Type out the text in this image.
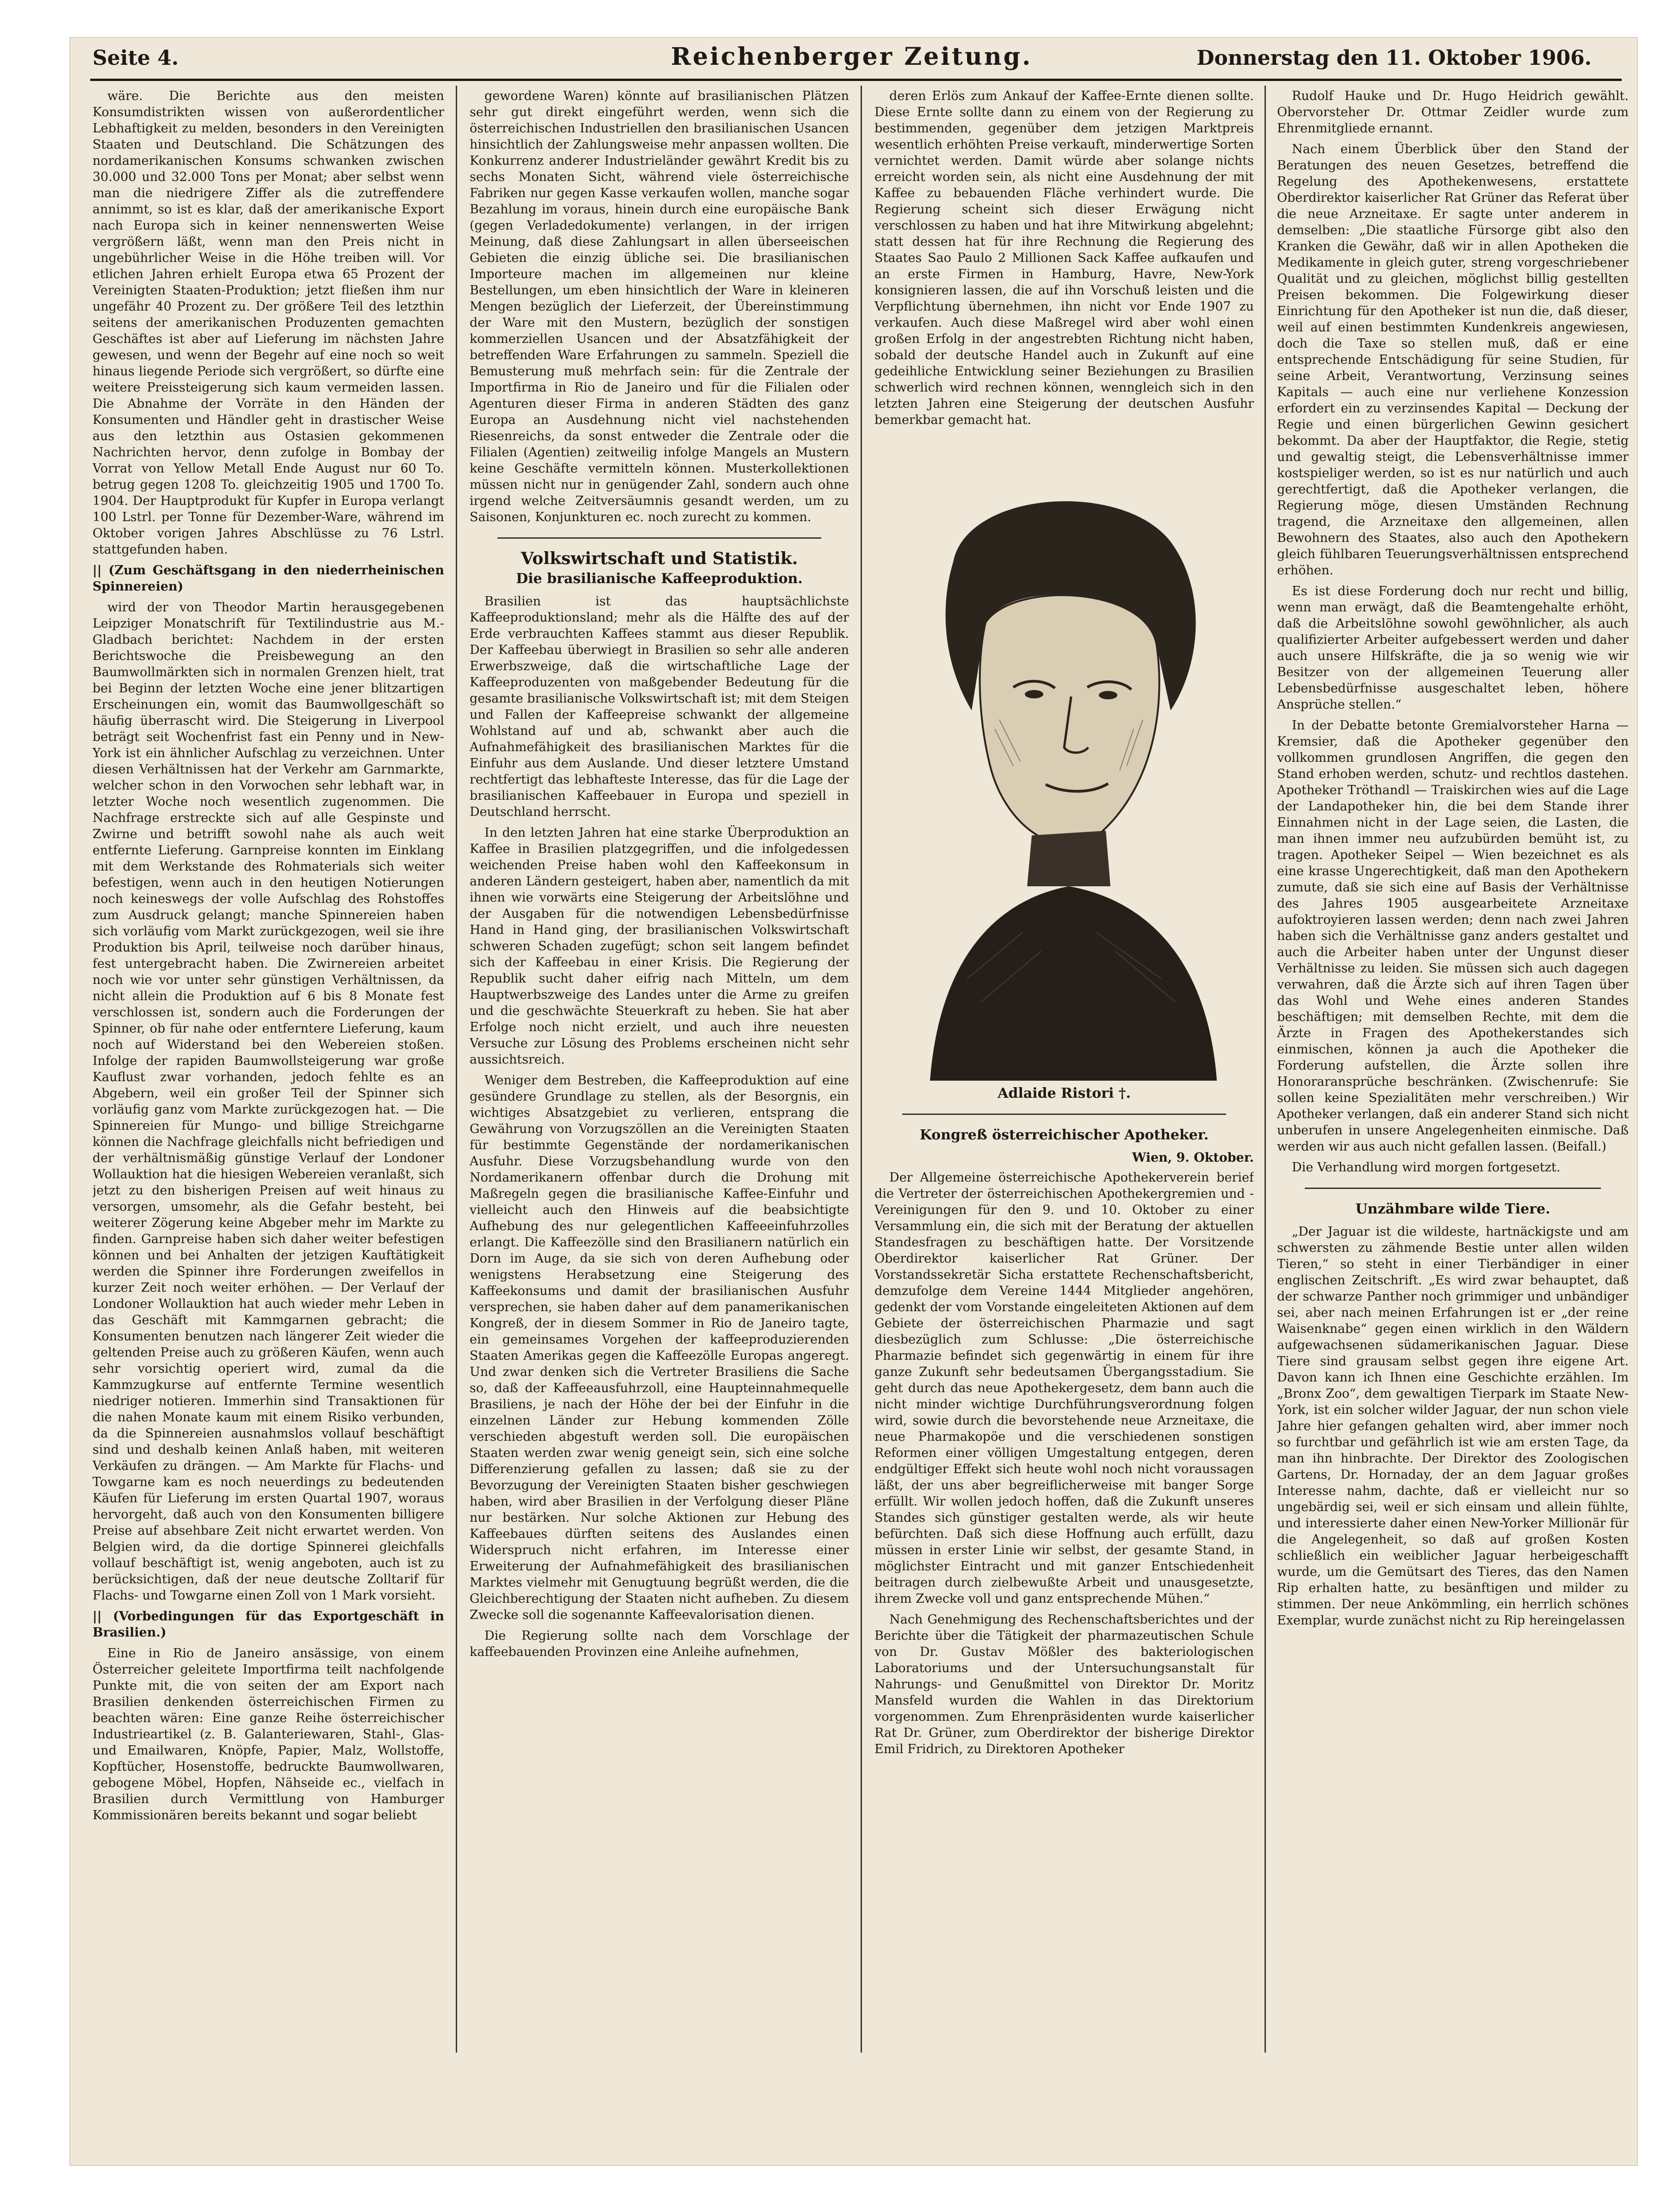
Seite 4.	Reichenberger Zeitung.	Donnerstag den 11. Oktober 1906.

wäre. Die Berichte aus den meisten Konsumdistrikten wissen von außerordentlicher Lebhaftigkeit zu melden, besonders in den Vereinigten Staaten und Deutschland. Die Schätzungen des nordamerikanischen Konsums schwanken zwischen 30.000 und 32.000 Tons per Monat; aber selbst wenn man die niedrigere Ziffer als die zutreffendere annimmt, so ist es klar, daß der amerikanische Export nach Europa sich in keiner nennenswerten Weise vergrößern läßt, wenn man den Preis nicht in ungebührlicher Weise in die Höhe treiben will. Vor etlichen Jahren erhielt Europa etwa 65 Prozent der Vereinigten Staaten-Produktion; jetzt fließen ihm nur ungefähr 40 Prozent zu. Der größere Teil des letzthin seitens der amerikanischen Produzenten gemachten Geschäftes ist aber auf Lieferung im nächsten Jahre gewesen, und wenn der Begehr auf eine noch so weit hinaus liegende Periode sich vergrößert, so dürfte eine weitere Preissteigerung sich kaum vermeiden lassen. Die Abnahme der Vorräte in den Händen der Konsumenten und Händler geht in drastischer Weise aus den letzthin aus Ostasien gekommenen Nachrichten hervor, denn zufolge in Bombay der Vorrat von Yellow Metall Ende August nur 60 To. betrug gegen 1208 To. gleichzeitig 1905 und 1700 To. 1904. Der Hauptprodukt für Kupfer in Europa verlangt 100 Lstrl. per Tonne für Dezember-Ware, während im Oktober vorigen Jahres Abschlüsse zu 76 Lstrl. stattgefunden haben.

|| (Zum Geschäftsgang in den niederrheinischen Spinnereien)

wird der von Theodor Martin herausgegebenen Leipziger Monatschrift für Textilindustrie aus M.-Gladbach berichtet: Nachdem in der ersten Berichtswoche die Preisbewegung an den Baumwollmärkten sich in normalen Grenzen hielt, trat bei Beginn der letzten Woche eine jener blitzartigen Erscheinungen ein, womit das Baumwollgeschäft so häufig überrascht wird. Die Steigerung in Liverpool beträgt seit Wochenfrist fast ein Penny und in New-York ist ein ähnlicher Aufschlag zu verzeichnen. Unter diesen Verhältnissen hat der Verkehr am Garnmarkte, welcher schon in den Vorwochen sehr lebhaft war, in letzter Woche noch wesentlich zugenommen. Die Nachfrage erstreckte sich auf alle Gespinste und Zwirne und betrifft sowohl nahe als auch weit entfernte Lieferung. Garnpreise konnten im Einklang mit dem Werkstande des Rohmaterials sich weiter befestigen, wenn auch in den heutigen Notierungen noch keineswegs der volle Aufschlag des Rohstoffes zum Ausdruck gelangt; manche Spinnereien haben sich vorläufig vom Markt zurückgezogen, weil sie ihre Produktion bis April, teilweise noch darüber hinaus, fest untergebracht haben. Die Zwirnereien arbeitet noch wie vor unter sehr günstigen Verhältnissen, da nicht allein die Produktion auf 6 bis 8 Monate fest verschlossen ist, sondern auch die Forderungen der Spinner, ob für nahe oder entferntere Lieferung, kaum noch auf Widerstand bei den Webereien stoßen. Infolge der rapiden Baumwollsteigerung war große Kauflust zwar vorhanden, jedoch fehlte es an Abgebern, weil ein großer Teil der Spinner sich vorläufig ganz vom Markte zurückgezogen hat. — Die Spinnereien für Mungo- und billige Streichgarne können die Nachfrage gleichfalls nicht befriedigen und der verhältnismäßig günstige Verlauf der Londoner Wollauktion hat die hiesigen Webereien veranlaßt, sich jetzt zu den bisherigen Preisen auf weit hinaus zu versorgen, umsomehr, als die Gefahr besteht, bei weiterer Zögerung keine Abgeber mehr im Markte zu finden. Garnpreise haben sich daher weiter befestigen können und bei Anhalten der jetzigen Kauftätigkeit werden die Spinner ihre Forderungen zweifellos in kurzer Zeit noch weiter erhöhen. — Der Verlauf der Londoner Wollauktion hat auch wieder mehr Leben in das Geschäft mit Kammgarnen gebracht; die Konsumenten benutzen nach längerer Zeit wieder die geltenden Preise auch zu größeren Käufen, wenn auch sehr vorsichtig operiert wird, zumal da die Kammzugkurse auf entfernte Termine wesentlich niedriger notieren. Immerhin sind Transaktionen für die nahen Monate kaum mit einem Risiko verbunden, da die Spinnereien ausnahmslos vollauf beschäftigt sind und deshalb keinen Anlaß haben, mit weiteren Verkäufen zu drängen. — Am Markte für Flachs- und Towgarne kam es noch neuerdings zu bedeutenden Käufen für Lieferung im ersten Quartal 1907, woraus hervorgeht, daß auch von den Konsumenten billigere Preise auf absehbare Zeit nicht erwartet werden. Von Belgien wird, da die dortige Spinnerei gleichfalls vollauf beschäftigt ist, wenig angeboten, auch ist zu berücksichtigen, daß der neue deutsche Zolltarif für Flachs- und Towgarne einen Zoll von 1 Mark vorsieht.

|| (Vorbedingungen für das Exportgeschäft in Brasilien.)

Eine in Rio de Janeiro ansässige, von einem Österreicher geleitete Importfirma teilt nachfolgende Punkte mit, die von seiten der am Export nach Brasilien denkenden österreichischen Firmen zu beachten wären: Eine ganze Reihe österreichischer Industrieartikel (z. B. Galanteriewaren, Stahl-, Glas- und Emailwaren, Knöpfe, Papier, Malz, Wollstoffe, Kopftücher, Hosenstoffe, bedruckte Baumwollwaren, gebogene Möbel, Hopfen, Nähseide ec., vielfach in Brasilien durch Vermittlung von Hamburger Kommissionären bereits bekannt und sogar beliebt

gewordene Waren) könnte auf brasilianischen Plätzen sehr gut direkt eingeführt werden, wenn sich die österreichischen Industriellen den brasilianischen Usancen hinsichtlich der Zahlungsweise mehr anpassen wollten. Die Konkurrenz anderer Industrieländer gewährt Kredit bis zu sechs Monaten Sicht, während viele österreichische Fabriken nur gegen Kasse verkaufen wollen, manche sogar Bezahlung im voraus, hinein durch eine europäische Bank (gegen Verladedokumente) verlangen, in der irrigen Meinung, daß diese Zahlungsart in allen überseeischen Gebieten die einzig übliche sei. Die brasilianischen Importeure machen im allgemeinen nur kleine Bestellungen, um eben hinsichtlich der Ware in kleineren Mengen bezüglich der Lieferzeit, der Übereinstimmung der Ware mit den Mustern, bezüglich der sonstigen kommerziellen Usancen und der Absatzfähigkeit der betreffenden Ware Erfahrungen zu sammeln. Speziell die Bemusterung muß mehrfach sein: für die Zentrale der Importfirma in Rio de Janeiro und für die Filialen oder Agenturen dieser Firma in anderen Städten des ganz Europa an Ausdehnung nicht viel nachstehenden Riesenreichs, da sonst entweder die Zentrale oder die Filialen (Agentien) zeitweilig infolge Mangels an Mustern keine Geschäfte vermitteln können. Musterkollektionen müssen nicht nur in genügender Zahl, sondern auch ohne irgend welche Zeitversäumnis gesandt werden, um zu Saisonen, Konjunkturen ec. noch zurecht zu kommen.

Volkswirtschaft und Statistik.
Die brasilianische Kaffeeproduktion.

Brasilien ist das hauptsächlichste Kaffeeproduktionsland; mehr als die Hälfte des auf der Erde verbrauchten Kaffees stammt aus dieser Republik. Der Kaffeebau überwiegt in Brasilien so sehr alle anderen Erwerbszweige, daß die wirtschaftliche Lage der Kaffeeproduzenten von maßgebender Bedeutung für die gesamte brasilianische Volkswirtschaft ist; mit dem Steigen und Fallen der Kaffeepreise schwankt der allgemeine Wohlstand auf und ab, schwankt aber auch die Aufnahmefähigkeit des brasilianischen Marktes für die Einfuhr aus dem Auslande. Und dieser letztere Umstand rechtfertigt das lebhafteste Interesse, das für die Lage der brasilianischen Kaffeebauer in Europa und speziell in Deutschland herrscht.

In den letzten Jahren hat eine starke Überproduktion an Kaffee in Brasilien platzgegriffen, und die infolgedessen weichenden Preise haben wohl den Kaffeekonsum in anderen Ländern gesteigert, haben aber, namentlich da mit ihnen wie vorwärts eine Steigerung der Arbeitslöhne und der Ausgaben für die notwendigen Lebensbedürfnisse Hand in Hand ging, der brasilianischen Volkswirtschaft schweren Schaden zugefügt; schon seit langem befindet sich der Kaffeebau in einer Krisis. Die Regierung der Republik sucht daher eifrig nach Mitteln, um dem Hauptwerbszweige des Landes unter die Arme zu greifen und die geschwächte Steuerkraft zu heben. Sie hat aber Erfolge noch nicht erzielt, und auch ihre neuesten Versuche zur Lösung des Problems erscheinen nicht sehr aussichtsreich.

Weniger dem Bestreben, die Kaffeeproduktion auf eine gesündere Grundlage zu stellen, als der Besorgnis, ein wichtiges Absatzgebiet zu verlieren, entsprang die Gewährung von Vorzugszöllen an die Vereinigten Staaten für bestimmte Gegenstände der nordamerikanischen Ausfuhr. Diese Vorzugsbehandlung wurde von den Nordamerikanern offenbar durch die Drohung mit Maßregeln gegen die brasilianische Kaffee-Einfuhr und vielleicht auch den Hinweis auf die beabsichtigte Aufhebung des nur gelegentlichen Kaffeeeinfuhrzolles erlangt. Die Kaffeezölle sind den Brasilianern natürlich ein Dorn im Auge, da sie sich von deren Aufhebung oder wenigstens Herabsetzung eine Steigerung des Kaffeekonsums und damit der brasilianischen Ausfuhr versprechen, sie haben daher auf dem panamerikanischen Kongreß, der in diesem Sommer in Rio de Janeiro tagte, ein gemeinsames Vorgehen der kaffeeproduzierenden Staaten Amerikas gegen die Kaffeezölle Europas angeregt. Und zwar denken sich die Vertreter Brasiliens die Sache so, daß der Kaffeeausfuhrzoll, eine Haupteinnahmequelle Brasiliens, je nach der Höhe der bei der Einfuhr in die einzelnen Länder zur Hebung kommenden Zölle verschieden abgestuft werden soll. Die europäischen Staaten werden zwar wenig geneigt sein, sich eine solche Differenzierung gefallen zu lassen; daß sie zu der Bevorzugung der Vereinigten Staaten bisher geschwiegen haben, wird aber Brasilien in der Verfolgung dieser Pläne nur bestärken. Nur solche Aktionen zur Hebung des Kaffeebaues dürften seitens des Auslandes einen Widerspruch nicht erfahren, im Interesse einer Erweiterung der Aufnahmefähigkeit des brasilianischen Marktes vielmehr mit Genugtuung begrüßt werden, die die Gleichberechtigung der Staaten nicht aufheben. Zu diesem Zwecke soll die sogenannte Kaffeevalorisation dienen.

Die Regierung sollte nach dem Vorschlage der kaffeebauenden Provinzen eine Anleihe aufnehmen,

deren Erlös zum Ankauf der Kaffee-Ernte dienen sollte. Diese Ernte sollte dann zu einem von der Regierung zu bestimmenden, gegenüber dem jetzigen Marktpreis wesentlich erhöhten Preise verkauft, minderwertige Sorten vernichtet werden. Damit würde aber solange nichts erreicht worden sein, als nicht eine Ausdehnung der mit Kaffee zu bebauenden Fläche verhindert wurde. Die Regierung scheint sich dieser Erwägung nicht verschlossen zu haben und hat ihre Mitwirkung abgelehnt; statt dessen hat für ihre Rechnung die Regierung des Staates Sao Paulo 2 Millionen Sack Kaffee aufkaufen und an erste Firmen in Hamburg, Havre, New-York konsignieren lassen, die auf ihn Vorschuß leisten und die Verpflichtung übernehmen, ihn nicht vor Ende 1907 zu verkaufen. Auch diese Maßregel wird aber wohl einen großen Erfolg in der angestrebten Richtung nicht haben, sobald der deutsche Handel auch in Zukunft auf eine gedeihliche Entwicklung seiner Beziehungen zu Brasilien schwerlich wird rechnen können, wenngleich sich in den letzten Jahren eine Steigerung der deutschen Ausfuhr bemerkbar gemacht hat.

Adlaide Ristori †.
Kongreß österreichischer Apotheker.
Wien, 9. Oktober.

Der Allgemeine österreichische Apothekerverein berief die Vertreter der österreichischen Apothekergremien und -Vereinigungen für den 9. und 10. Oktober zu einer Versammlung ein, die sich mit der Beratung der aktuellen Standesfragen zu beschäftigen hatte. Der Vorsitzende Oberdirektor kaiserlicher Rat Grüner. Der Vorstandssekretär Sicha erstattete Rechenschaftsbericht, demzufolge dem Vereine 1444 Mitglieder angehören, gedenkt der vom Vorstande eingeleiteten Aktionen auf dem Gebiete der österreichischen Pharmazie und sagt diesbezüglich zum Schlusse: „Die österreichische Pharmazie befindet sich gegenwärtig in einem für ihre ganze Zukunft sehr bedeutsamen Übergangsstadium. Sie geht durch das neue Apothekergesetz, dem bann auch die nicht minder wichtige Durchführungsverordnung folgen wird, sowie durch die bevorstehende neue Arzneitaxe, die neue Pharmakopöe und die verschiedenen sonstigen Reformen einer völligen Umgestaltung entgegen, deren endgültiger Effekt sich heute wohl noch nicht voraussagen läßt, der uns aber begreiflicherweise mit banger Sorge erfüllt. Wir wollen jedoch hoffen, daß die Zukunft unseres Standes sich günstiger gestalten werde, als wir heute befürchten. Daß sich diese Hoffnung auch erfüllt, dazu müssen in erster Linie wir selbst, der gesamte Stand, in möglichster Eintracht und mit ganzer Entschiedenheit beitragen durch zielbewußte Arbeit und unausgesetzte, ihrem Zwecke voll und ganz entsprechende Mühen.“

Nach Genehmigung des Rechenschaftsberichtes und der Berichte über die Tätigkeit der pharmazeutischen Schule von Dr. Gustav Mößler des bakteriologischen Laboratoriums und der Untersuchungsanstalt für Nahrungs- und Genußmittel von Direktor Dr. Moritz Mansfeld wurden die Wahlen in das Direktorium vorgenommen. Zum Ehrenpräsidenten wurde kaiserlicher Rat Dr. Grüner, zum Oberdirektor der bisherige Direktor Emil Fridrich, zu Direktoren Apotheker

Rudolf Hauke und Dr. Hugo Heidrich gewählt. Obervorsteher Dr. Ottmar Zeidler wurde zum Ehrenmitgliede ernannt.

Nach einem Überblick über den Stand der Beratungen des neuen Gesetzes, betreffend die Regelung des Apothekenwesens, erstattete Oberdirektor kaiserlicher Rat Grüner das Referat über die neue Arzneitaxe. Er sagte unter anderem in demselben: „Die staatliche Fürsorge gibt also den Kranken die Gewähr, daß wir in allen Apotheken die Medikamente in gleich guter, streng vorgeschriebener Qualität und zu gleichen, möglichst billig gestellten Preisen bekommen. Die Folgewirkung dieser Einrichtung für den Apotheker ist nun die, daß dieser, weil auf einen bestimmten Kundenkreis angewiesen, doch die Taxe so stellen muß, daß er eine entsprechende Entschädigung für seine Studien, für seine Arbeit, Verantwortung, Verzinsung seines Kapitals — auch eine nur verliehene Konzession erfordert ein zu verzinsendes Kapital — Deckung der Regie und einen bürgerlichen Gewinn gesichert bekommt. Da aber der Hauptfaktor, die Regie, stetig und gewaltig steigt, die Lebensverhältnisse immer kostspieliger werden, so ist es nur natürlich und auch gerechtfertigt, daß die Apotheker verlangen, die Regierung möge, diesen Umständen Rechnung tragend, die Arzneitaxe den allgemeinen, allen Bewohnern des Staates, also auch den Apothekern gleich fühlbaren Teuerungsverhältnissen entsprechend erhöhen.

Es ist diese Forderung doch nur recht und billig, wenn man erwägt, daß die Beamtengehalte erhöht, daß die Arbeitslöhne sowohl gewöhnlicher, als auch qualifizierter Arbeiter aufgebessert werden und daher auch unsere Hilfskräfte, die ja so wenig wie wir Besitzer von der allgemeinen Teuerung aller Lebensbedürfnisse ausgeschaltet leben, höhere Ansprüche stellen.“

In der Debatte betonte Gremialvorsteher Harna — Kremsier, daß die Apotheker gegenüber den vollkommen grundlosen Angriffen, die gegen den Stand erhoben werden, schutz- und rechtlos dastehen. Apotheker Tröthandl — Traiskirchen wies auf die Lage der Landapotheker hin, die bei dem Stande ihrer Einnahmen nicht in der Lage seien, die Lasten, die man ihnen immer neu aufzubürden bemüht ist, zu tragen. Apotheker Seipel — Wien bezeichnet es als eine krasse Ungerechtigkeit, daß man den Apothekern zumute, daß sie sich eine auf Basis der Verhältnisse des Jahres 1905 ausgearbeitete Arzneitaxe aufoktroyieren lassen werden; denn nach zwei Jahren haben sich die Verhältnisse ganz anders gestaltet und auch die Arbeiter haben unter der Ungunst dieser Verhältnisse zu leiden. Sie müssen sich auch dagegen verwahren, daß die Ärzte sich auf ihren Tagen über das Wohl und Wehe eines anderen Standes beschäftigen; mit demselben Rechte, mit dem die Ärzte in Fragen des Apothekerstandes sich einmischen, können ja auch die Apotheker die Forderung aufstellen, die Ärzte sollen ihre Honoraransprüche beschränken. (Zwischenrufe: Sie sollen keine Spezialitäten mehr verschreiben.) Wir Apotheker verlangen, daß ein anderer Stand sich nicht unberufen in unsere Angelegenheiten einmische. Daß werden wir aus auch nicht gefallen lassen. (Beifall.)

Die Verhandlung wird morgen fortgesetzt.

Unzähmbare wilde Tiere.

„Der Jaguar ist die wildeste, hartnäckigste und am schwersten zu zähmende Bestie unter allen wilden Tieren,“ so steht in einer Tierbändiger in einer englischen Zeitschrift. „Es wird zwar behauptet, daß der schwarze Panther noch grimmiger und unbändiger sei, aber nach meinen Erfahrungen ist er „der reine Waisenknabe“ gegen einen wirklich in den Wäldern aufgewachsenen südamerikanischen Jaguar. Diese Tiere sind grausam selbst gegen ihre eigene Art. Davon kann ich Ihnen eine Geschichte erzählen. Im „Bronx Zoo“, dem gewaltigen Tierpark im Staate New-York, ist ein solcher wilder Jaguar, der nun schon viele Jahre hier gefangen gehalten wird, aber immer noch so furchtbar und gefährlich ist wie am ersten Tage, da man ihn hinbrachte. Der Direktor des Zoologischen Gartens, Dr. Hornaday, der an dem Jaguar großes Interesse nahm, dachte, daß er vielleicht nur so ungebärdig sei, weil er sich einsam und allein fühlte, und interessierte daher einen New-Yorker Millionär für die Angelegenheit, so daß auf großen Kosten schließlich ein weiblicher Jaguar herbeigeschafft wurde, um die Gemütsart des Tieres, das den Namen Rip erhalten hatte, zu besänftigen und milder zu stimmen. Der neue Ankömmling, ein herrlich schönes Exemplar, wurde zunächst nicht zu Rip hereingelassen
